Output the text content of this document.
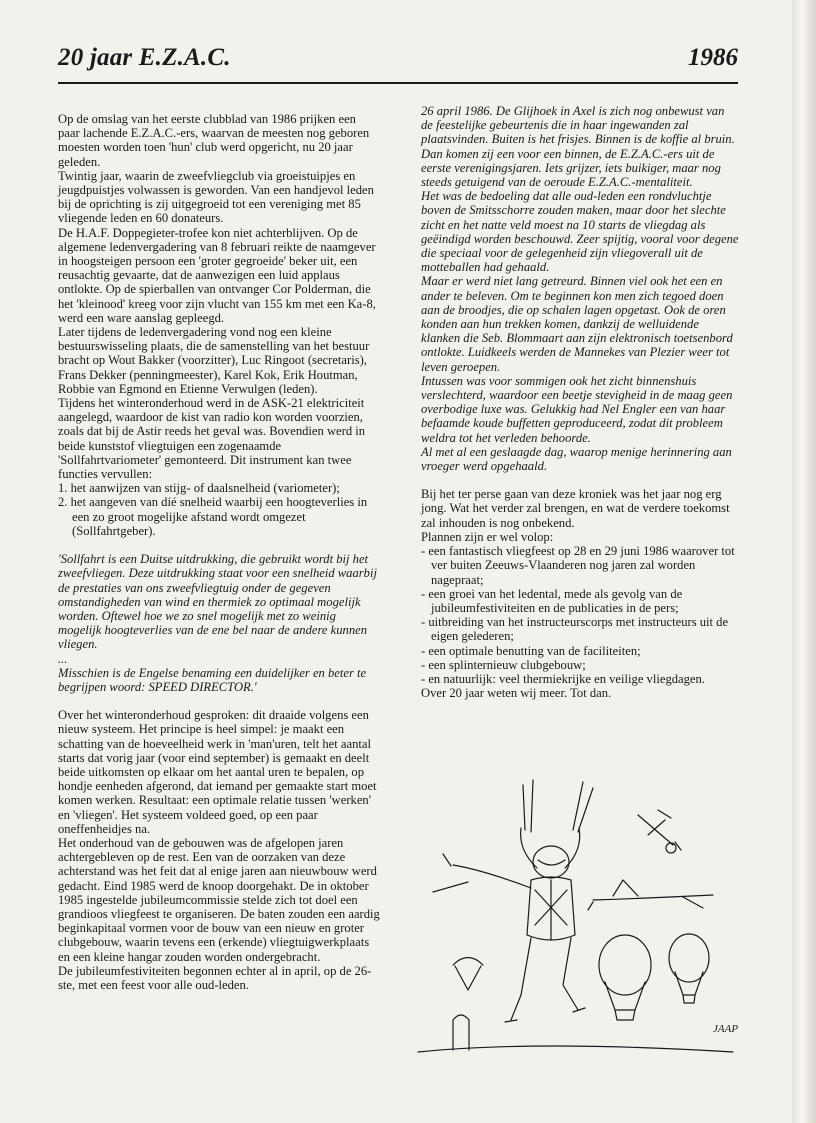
20 jaar E.Z.A.C.	1986

Op de omslag van het eerste clubblad van 1986 prijken een paar lachende E.Z.A.C.-ers, waarvan de meesten nog geboren moesten worden toen 'hun' club werd opgericht, nu 20 jaar geleden.

Twintig jaar, waarin de zweefvliegclub via groeistuipjes en jeugdpuistjes volwassen is geworden. Van een handjevol leden bij de oprichting is zij uitgegroeid tot een vereniging met 85 vliegende leden en 60 donateurs.

De H.A.F. Doppegieter-trofee kon niet achterblijven. Op de algemene ledenvergadering van 8 februari reikte de naamgever in hoogsteigen persoon een 'groter gegroeide' beker uit, een reusachtig gevaarte, dat de aanwezigen een luid applaus ontlokte. Op de spierballen van ontvanger Cor Polderman, die het 'kleinood' kreeg voor zijn vlucht van 155 km met een Ka-8, werd een ware aanslag gepleegd.

Later tijdens de ledenvergadering vond nog een kleine bestuurswisseling plaats, die de samenstelling van het bestuur bracht op Wout Bakker (voorzitter), Luc Ringoot (secretaris), Frans Dekker (penningmeester), Karel Kok, Erik Houtman, Robbie van Egmond en Etienne Verwulgen (leden).

Tijdens het winteronderhoud werd in de ASK-21 elektriciteit aangelegd, waardoor de kist van radio kon worden voorzien, zoals dat bij de Astir reeds het geval was. Bovendien werd in beide kunststof vliegtuigen een zogenaamde 'Sollfahrtvariometer' gemonteerd. Dit instrument kan twee functies vervullen:

1. het aanwijzen van stijg- of daalsnelheid (variometer);

2. het aangeven van díé snelheid waarbij een hoogteverlies in een zo groot mogelijke afstand wordt omgezet (Sollfahrtgeber).

'Sollfahrt is een Duitse uitdrukking, die gebruikt wordt bij het zweefvliegen. Deze uitdrukking staat voor een snelheid waarbij de prestaties van ons zweefvliegtuig onder de gegeven omstandigheden van wind en thermiek zo optimaal mogelijk worden. Oftewel hoe we zo snel mogelijk met zo weinig mogelijk hoogteverlies van de ene bel naar de andere kunnen vliegen.

...

Misschien is de Engelse benaming een duidelijker en beter te begrijpen woord: SPEED DIRECTOR.'

Over het winteronderhoud gesproken: dit draaide volgens een nieuw systeem. Het principe is heel simpel: je maakt een schatting van de hoeveelheid werk in 'man'uren, telt het aantal starts dat vorig jaar (voor eind september) is gemaakt en deelt beide uitkomsten op elkaar om het aantal uren te bepalen, op hondje eenheden afgerond, dat iemand per gemaakte start moet komen werken. Resultaat: een optimale relatie tussen 'werken' en 'vliegen'. Het systeem voldeed goed, op een paar oneffenheidjes na.

Het onderhoud van de gebouwen was de afgelopen jaren achtergebleven op de rest. Een van de oorzaken van deze achterstand was het feit dat al enige jaren aan nieuwbouw werd gedacht. Eind 1985 werd de knoop doorgehakt. De in oktober 1985 ingestelde jubileumcommissie stelde zich tot doel een grandioos vliegfeest te organiseren. De baten zouden een aardig beginkapitaal vormen voor de bouw van een nieuw en groter clubgebouw, waarin tevens een (erkende) vliegtuigwerkplaats en een kleine hangar zouden worden ondergebracht.

De jubileumfestiviteiten begonnen echter al in april, op de 26-ste, met een feest voor alle oud-leden.

26 april 1986. De Glijhoek in Axel is zich nog onbewust van de feestelijke gebeurtenis die in haar ingewanden zal plaatsvinden. Buiten is het frisjes. Binnen is de koffie al bruin. Dan komen zij een voor een binnen, de E.Z.A.C.-ers uit de eerste verenigingsjaren. Iets grijzer, iets buikiger, maar nog steeds getuigend van de oeroude E.Z.A.C.-mentaliteit.

Het was de bedoeling dat alle oud-leden een rondvluchtje boven de Smitsschorre zouden maken, maar door het slechte zicht en het natte veld moest na 10 starts de vliegdag als geëindigd worden beschouwd. Zeer spijtig, vooral voor degene die speciaal voor de gelegenheid zijn vliegoverall uit de motteballen had gehaald.

Maar er werd niet lang getreurd. Binnen viel ook het een en ander te beleven. Om te beginnen kon men zich tegoed doen aan de broodjes, die op schalen lagen opgetast. Ook de oren konden aan hun trekken komen, dankzij de welluidende klanken die Seb. Blommaart aan zijn elektronisch toetsenbord ontlokte. Luidkeels werden de Mannekes van Plezier weer tot leven geroepen.

Intussen was voor sommigen ook het zicht binnenshuis verslechterd, waardoor een beetje stevigheid in de maag geen overbodige luxe was. Gelukkig had Nel Engler een van haar befaamde koude buffetten geproduceerd, zodat dit probleem weldra tot het verleden behoorde.

Al met al een geslaagde dag, waarop menige herinnering aan vroeger werd opgehaald.

Bij het ter perse gaan van deze kroniek was het jaar nog erg jong. Wat het verder zal brengen, en wat de verdere toekomst zal inhouden is nog onbekend.

Plannen zijn er wel volop:

- een fantastisch vliegfeest op 28 en 29 juni 1986 waarover tot ver buiten Zeeuws-Vlaanderen nog jaren zal worden nagepraat;

- een groei van het ledental, mede als gevolg van de jubileumfestiviteiten en de publicaties in de pers;

- uitbreiding van het instructeurscorps met instructeurs uit de eigen gelederen;

- een optimale benutting van de faciliteiten;

- een splinternieuw clubgebouw;

- en natuurlijk: veel thermiekrijke en veilige vliegdagen.

Over 20 jaar weten wij meer. Tot dan.

JAAP
